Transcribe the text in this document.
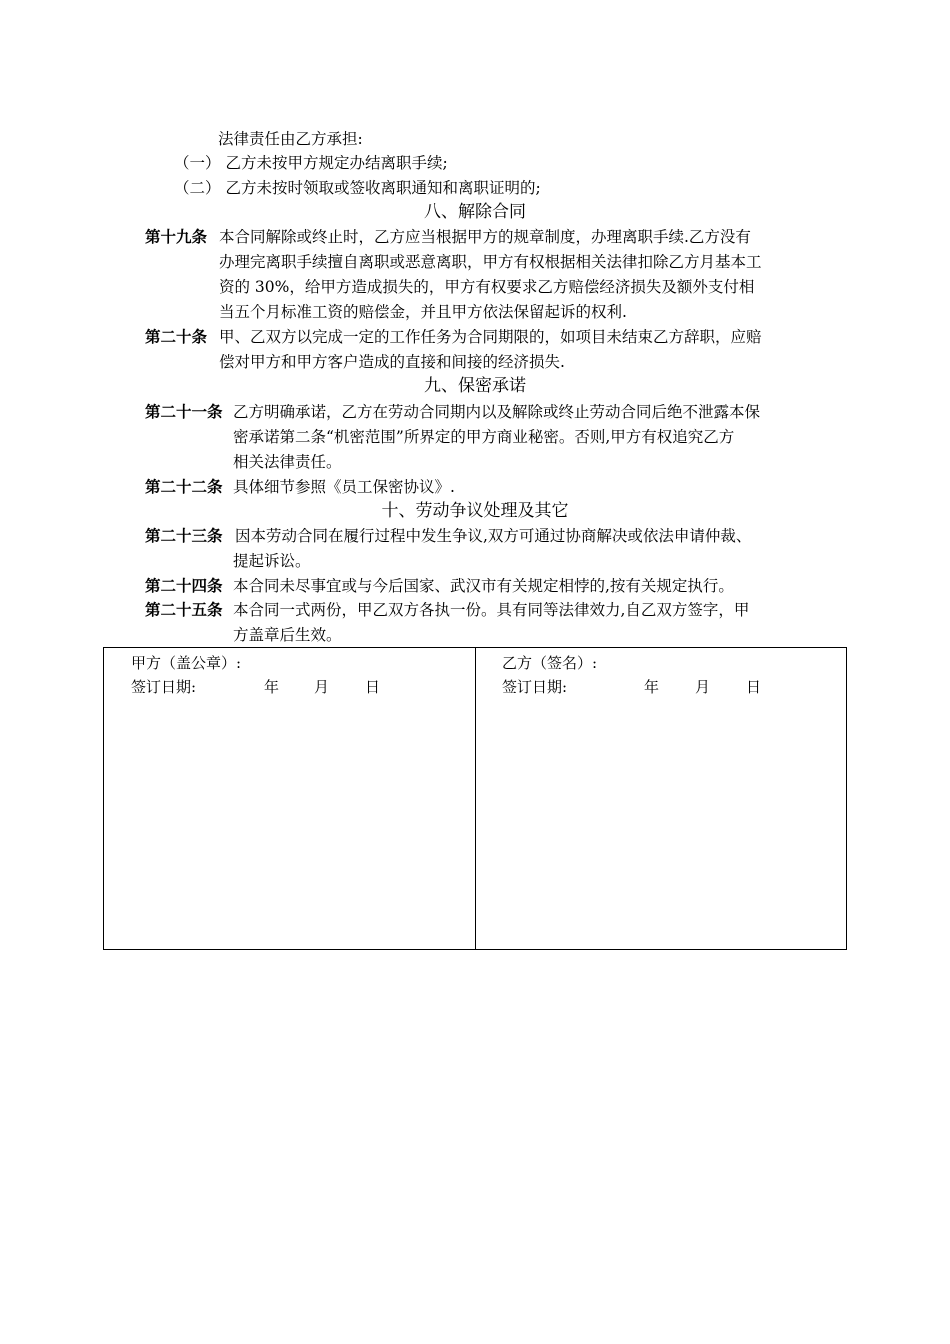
法律责任由乙方承担:
（一） 乙方未按甲方规定办结离职手续;
（二） 乙方未按时领取或签收离职通知和离职证明的;
八、解除合同
第十九条 本合同解除或终止时，乙方应当根据甲方的规章制度，办理离职手续.乙方没有
办理完离职手续擅自离职或恶意离职，甲方有权根据相关法律扣除乙方月基本工
资的 30%，给甲方造成损失的，甲方有权要求乙方赔偿经济损失及额外支付相
当五个月标准工资的赔偿金，并且甲方依法保留起诉的权利.
第二十条 甲、乙双方以完成一定的工作任务为合同期限的，如项目未结束乙方辞职，应赔
偿对甲方和甲方客户造成的直接和间接的经济损失.
九、保密承诺
第二十一条 乙方明确承诺，乙方在劳动合同期内以及解除或终止劳动合同后绝不泄露本保
密承诺第二条“机密范围”所界定的甲方商业秘密。否则,甲方有权追究乙方
相关法律责任。
第二十二条 具体细节参照《员工保密协议》.
十、劳动争议处理及其它
第二十三条 因本劳动合同在履行过程中发生争议,双方可通过协商解决或依法申请仲裁、
提起诉讼。
第二十四条 本合同未尽事宜或与今后国家、武汉市有关规定相悖的,按有关规定执行。
第二十五条 本合同一式两份，甲乙双方各执一份。具有同等法律效力,自乙双方签字，甲
方盖章后生效。
甲方（盖公章）:
签订日期:	年 月 日
乙方（签名）:
签订日期:	年 月 日
